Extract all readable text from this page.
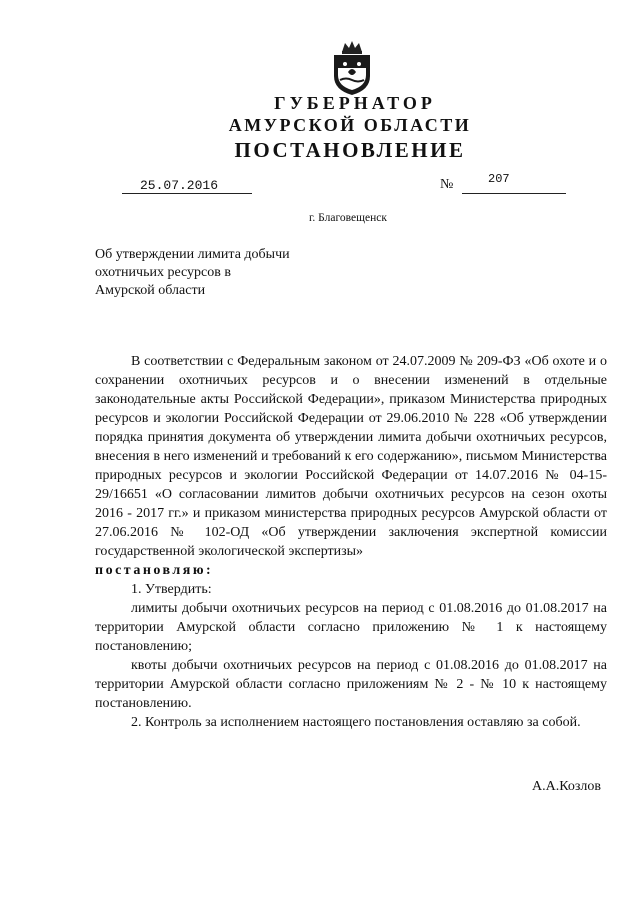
ГУБЕРНАТОР
АМУРСКОЙ ОБЛАСТИ
ПОСТАНОВЛЕНИЕ
25.07.2016	№	207
г. Благовещенск
Об утверждении лимита добычи
охотничьих ресурсов в
Амурской области

В соответствии с Федеральным законом от 24.07.2009 № 209-ФЗ «Об охоте и о сохранении охотничьих ресурсов и о внесении изменений в отдельные законодательные акты Российской Федерации», приказом Министерства природных ресурсов и экологии Российской Федерации от 29.06.2010 № 228 «Об утверждении порядка принятия документа об утверждении лимита добычи охотничьих ресурсов, внесения в него изменений и требований к его содержанию», письмом Министерства природных ресурсов и экологии Российской Федерации от 14.07.2016 № 04-15-29/16651 «О согласовании лимитов добычи охотничьих ресурсов на сезон охоты 2016 - 2017 гг.» и приказом министерства природных ресурсов Амурской области от 27.06.2016 № 102-ОД «Об утверждении заключения экспертной комиссии государственной экологической экспертизы»

постановляю:

1. Утвердить:

лимиты добычи охотничьих ресурсов на период с 01.08.2016 до 01.08.2017 на территории Амурской области согласно приложению № 1 к настоящему постановлению;

квоты добычи охотничьих ресурсов на период с 01.08.2016 до 01.08.2017 на территории Амурской области согласно приложениям № 2 - № 10 к настоящему постановлению.

2. Контроль за исполнением настоящего постановления оставляю за собой.

А.А.Козлов
